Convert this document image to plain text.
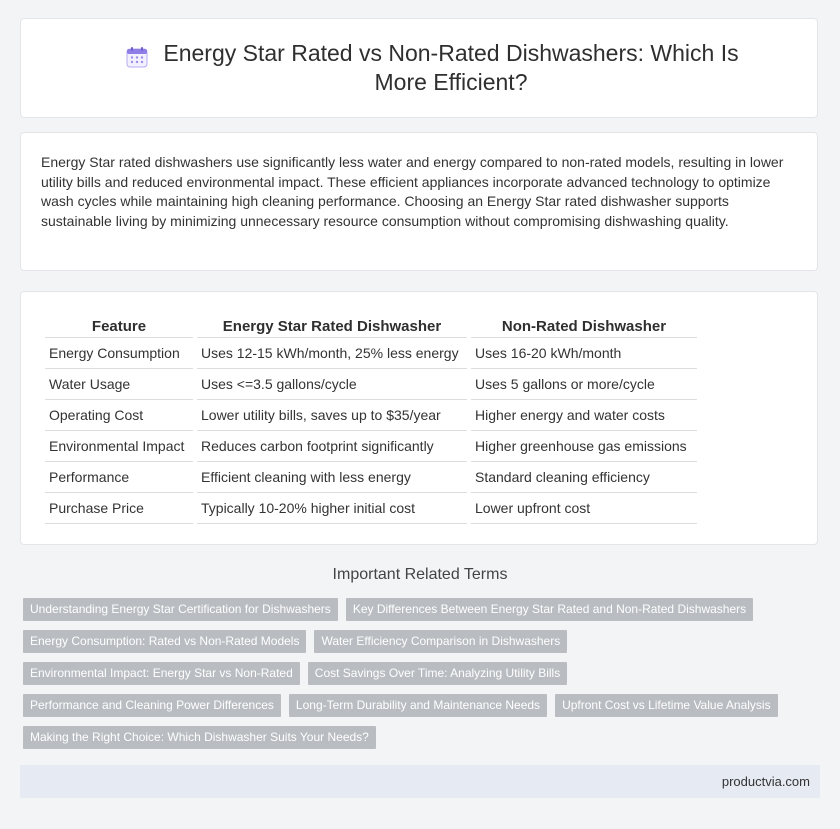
Energy Star Rated vs Non-Rated Dishwashers: Which Is More Efficient?

Energy Star rated dishwashers use significantly less water and energy compared to non-rated models, resulting in lower utility bills and reduced environmental impact. These efficient appliances incorporate advanced technology to optimize wash cycles while maintaining high cleaning performance. Choosing an Energy Star rated dishwasher supports sustainable living by minimizing unnecessary resource consumption without compromising dishwashing quality.

Feature	Energy Star Rated Dishwasher	Non-Rated Dishwasher
Energy Consumption	Uses 12-15 kWh/month, 25% less energy	Uses 16-20 kWh/month
Water Usage	Uses <=3.5 gallons/cycle	Uses 5 gallons or more/cycle
Operating Cost	Lower utility bills, saves up to $35/year	Higher energy and water costs
Environmental Impact	Reduces carbon footprint significantly	Higher greenhouse gas emissions
Performance	Efficient cleaning with less energy	Standard cleaning efficiency
Purchase Price	Typically 10-20% higher initial cost	Lower upfront cost
Important Related Terms
Understanding Energy Star Certification for Dishwashers	Key Differences Between Energy Star Rated and Non-Rated Dishwashers
Energy Consumption: Rated vs Non-Rated Models	Water Efficiency Comparison in Dishwashers
Environmental Impact: Energy Star vs Non-Rated	Cost Savings Over Time: Analyzing Utility Bills
Performance and Cleaning Power Differences	Long-Term Durability and Maintenance Needs	Upfront Cost vs Lifetime Value Analysis
Making the Right Choice: Which Dishwasher Suits Your Needs?
productvia.com
